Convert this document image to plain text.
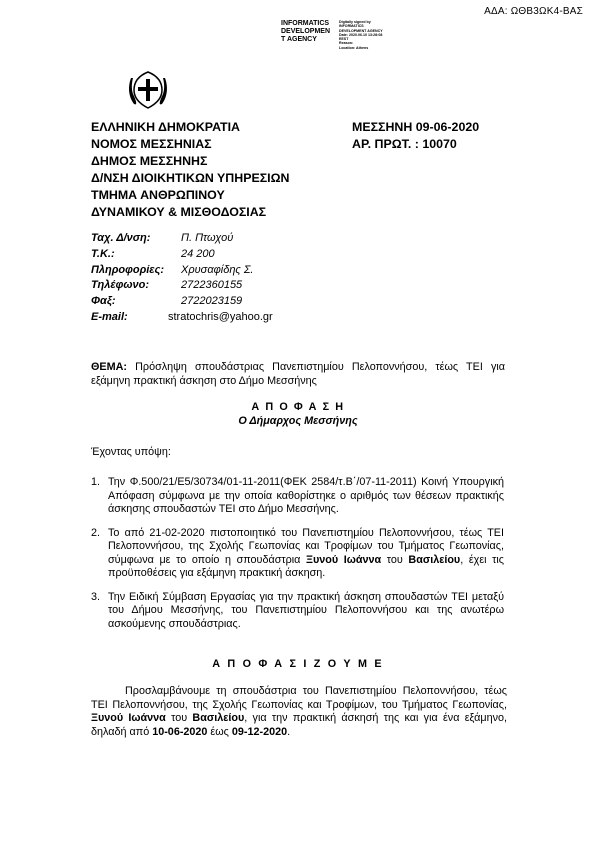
ΑΔΑ: ΩΘΒ3ΩΚ4-ΒΑΣ
INFORMATICS
DEVELOPMEN
T AGENCY
Digitally signed by
INFORMATICS
DEVELOPMENT AGENCY
Date: 2020.06.10 13:28:08
EEST
Reason:
Location: Athens
ΕΛΛΗΝΙΚΗ ΔΗΜΟΚΡΑΤΙΑ
ΝΟΜΟΣ ΜΕΣΣΗΝΙΑΣ
ΔΗΜΟΣ ΜΕΣΣΗΝΗΣ
Δ/ΝΣΗ ΔΙΟΙΚΗΤΙΚΩΝ ΥΠΗΡΕΣΙΩΝ
ΤΜΗΜΑ ΑΝΘΡΩΠΙΝΟΥ
ΔΥΝΑΜΙΚΟΥ & ΜΙΣΘΟΔΟΣΙΑΣ
ΜΕΣΣΗΝΗ 09-06-2020
ΑΡ. ΠΡΩΤ. : 10070
Ταχ. Δ/νση:	Π. Πτωχού
Τ.Κ.:	24 200
Πληροφορίες:	Χρυσαφίδης Σ.
Τηλέφωνο:	2722360155
Φαξ:	2722023159
E-mail:	stratochris@yahoo.gr
ΘΕΜΑ: Πρόσληψη σπουδάστριας Πανεπιστημίου Πελοποννήσου, τέως ΤΕΙ για εξάμηνη πρακτική άσκηση στο Δήμο Μεσσήνης
Α Π Ο Φ Α Σ Η
Ο Δήμαρχος Μεσσήνης
Έχοντας υπόψη:
1. Την Φ.500/21/Ε5/30734/01-11-2011(ΦΕΚ 2584/τ.Β΄/07-11-2011) Κοινή Υπουργική Απόφαση σύμφωνα με την οποία καθορίστηκε ο αριθμός των θέσεων πρακτικής άσκησης σπουδαστών ΤΕΙ στο Δήμο Μεσσήνης.
2. Το από 21-02-2020 πιστοποιητικό του Πανεπιστημίου Πελοποννήσου, τέως ΤΕΙ Πελοποννήσου, της Σχολής Γεωπονίας και Τροφίμων του Τμήματος Γεωπονίας, σύμφωνα με το οποίο η σπουδάστρια Ξυνού Ιωάννα του Βασιλείου, έχει τις προϋποθέσεις για εξάμηνη πρακτική άσκηση.
3. Την Ειδική Σύμβαση Εργασίας για την πρακτική άσκηση σπουδαστών ΤΕΙ μεταξύ του Δήμου Μεσσήνης, του Πανεπιστημίου Πελοποννήσου και της ανωτέρω ασκούμενης σπουδάστριας.
Α Π Ο Φ Α Σ Ι Ζ Ο Υ Μ Ε
Προσλαμβάνουμε τη σπουδάστρια του Πανεπιστημίου Πελοποννήσου, τέως ΤΕΙ Πελοποννήσου, της Σχολής Γεωπονίας και Τροφίμων, του Τμήματος Γεωπονίας, Ξυνού Ιωάννα του Βασιλείου, για την πρακτική άσκησή της και για ένα εξάμηνο, δηλαδή από 10-06-2020 έως 09-12-2020.
